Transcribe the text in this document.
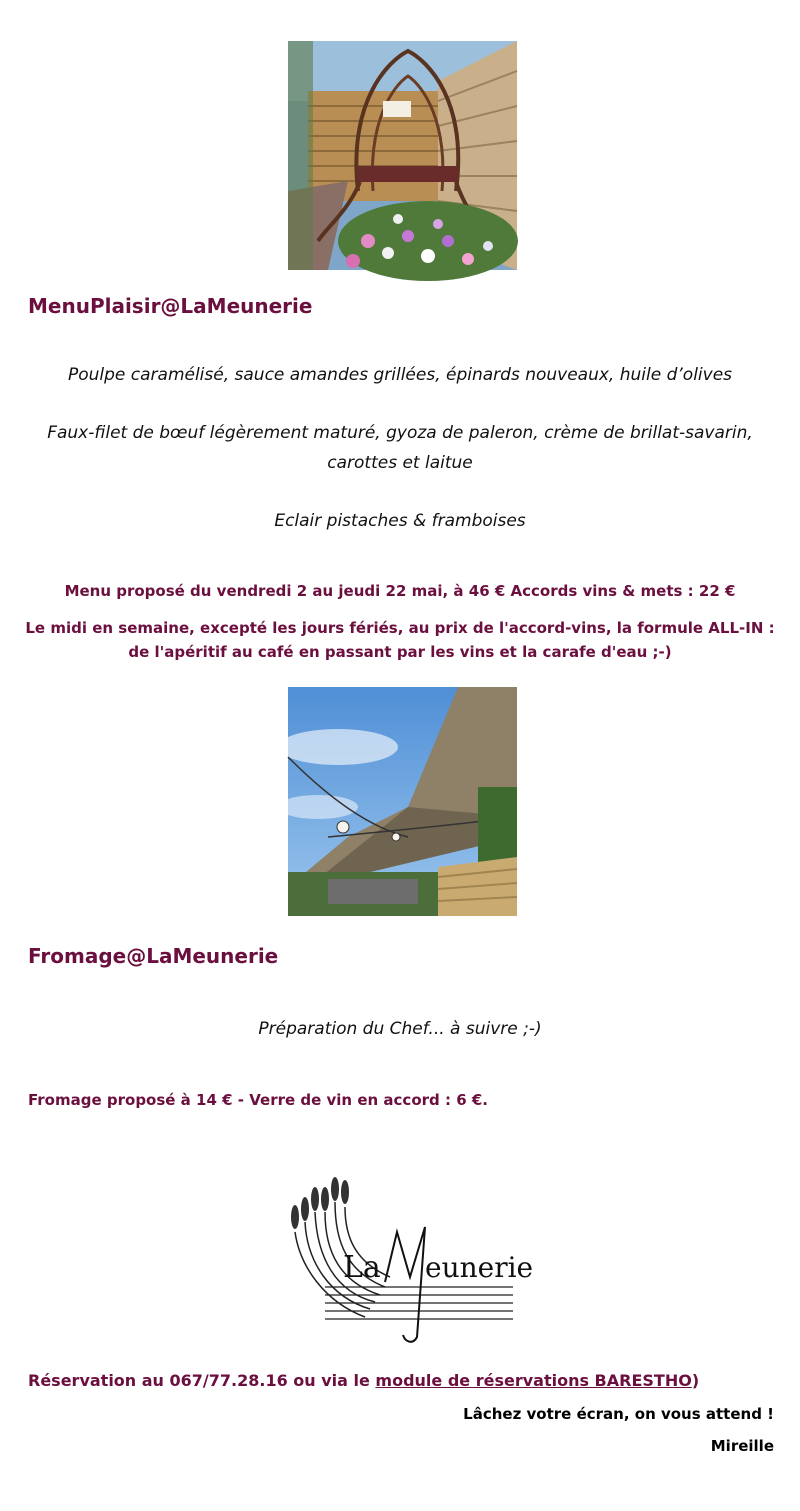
MenuPlaisir@LaMeunerie

Poulpe caramélisé, sauce amandes grillées, épinards nouveaux, huile d’olives

Faux-filet de bœuf légèrement maturé, gyoza de paleron, crème de brillat-savarin, carottes et laitue

Eclair pistaches & framboises

Menu proposé du vendredi 2 au jeudi 22 mai, à 46 € Accords vins & mets : 22 €

Le midi en semaine, excepté les jours fériés, au prix de l'accord-vins, la formule ALL-IN : de l'apéritif au café en passant par les vins et la carafe d'eau ;-)

Fromage@LaMeunerie

Préparation du Chef... à suivre ;-)

Fromage proposé à 14 € - Verre de vin en accord : 6 €.

La eunerie

Réservation au 067/77.28.16 ou via le module de réservations BARESTHO)

Lâchez votre écran, on vous attend !

Mireille
